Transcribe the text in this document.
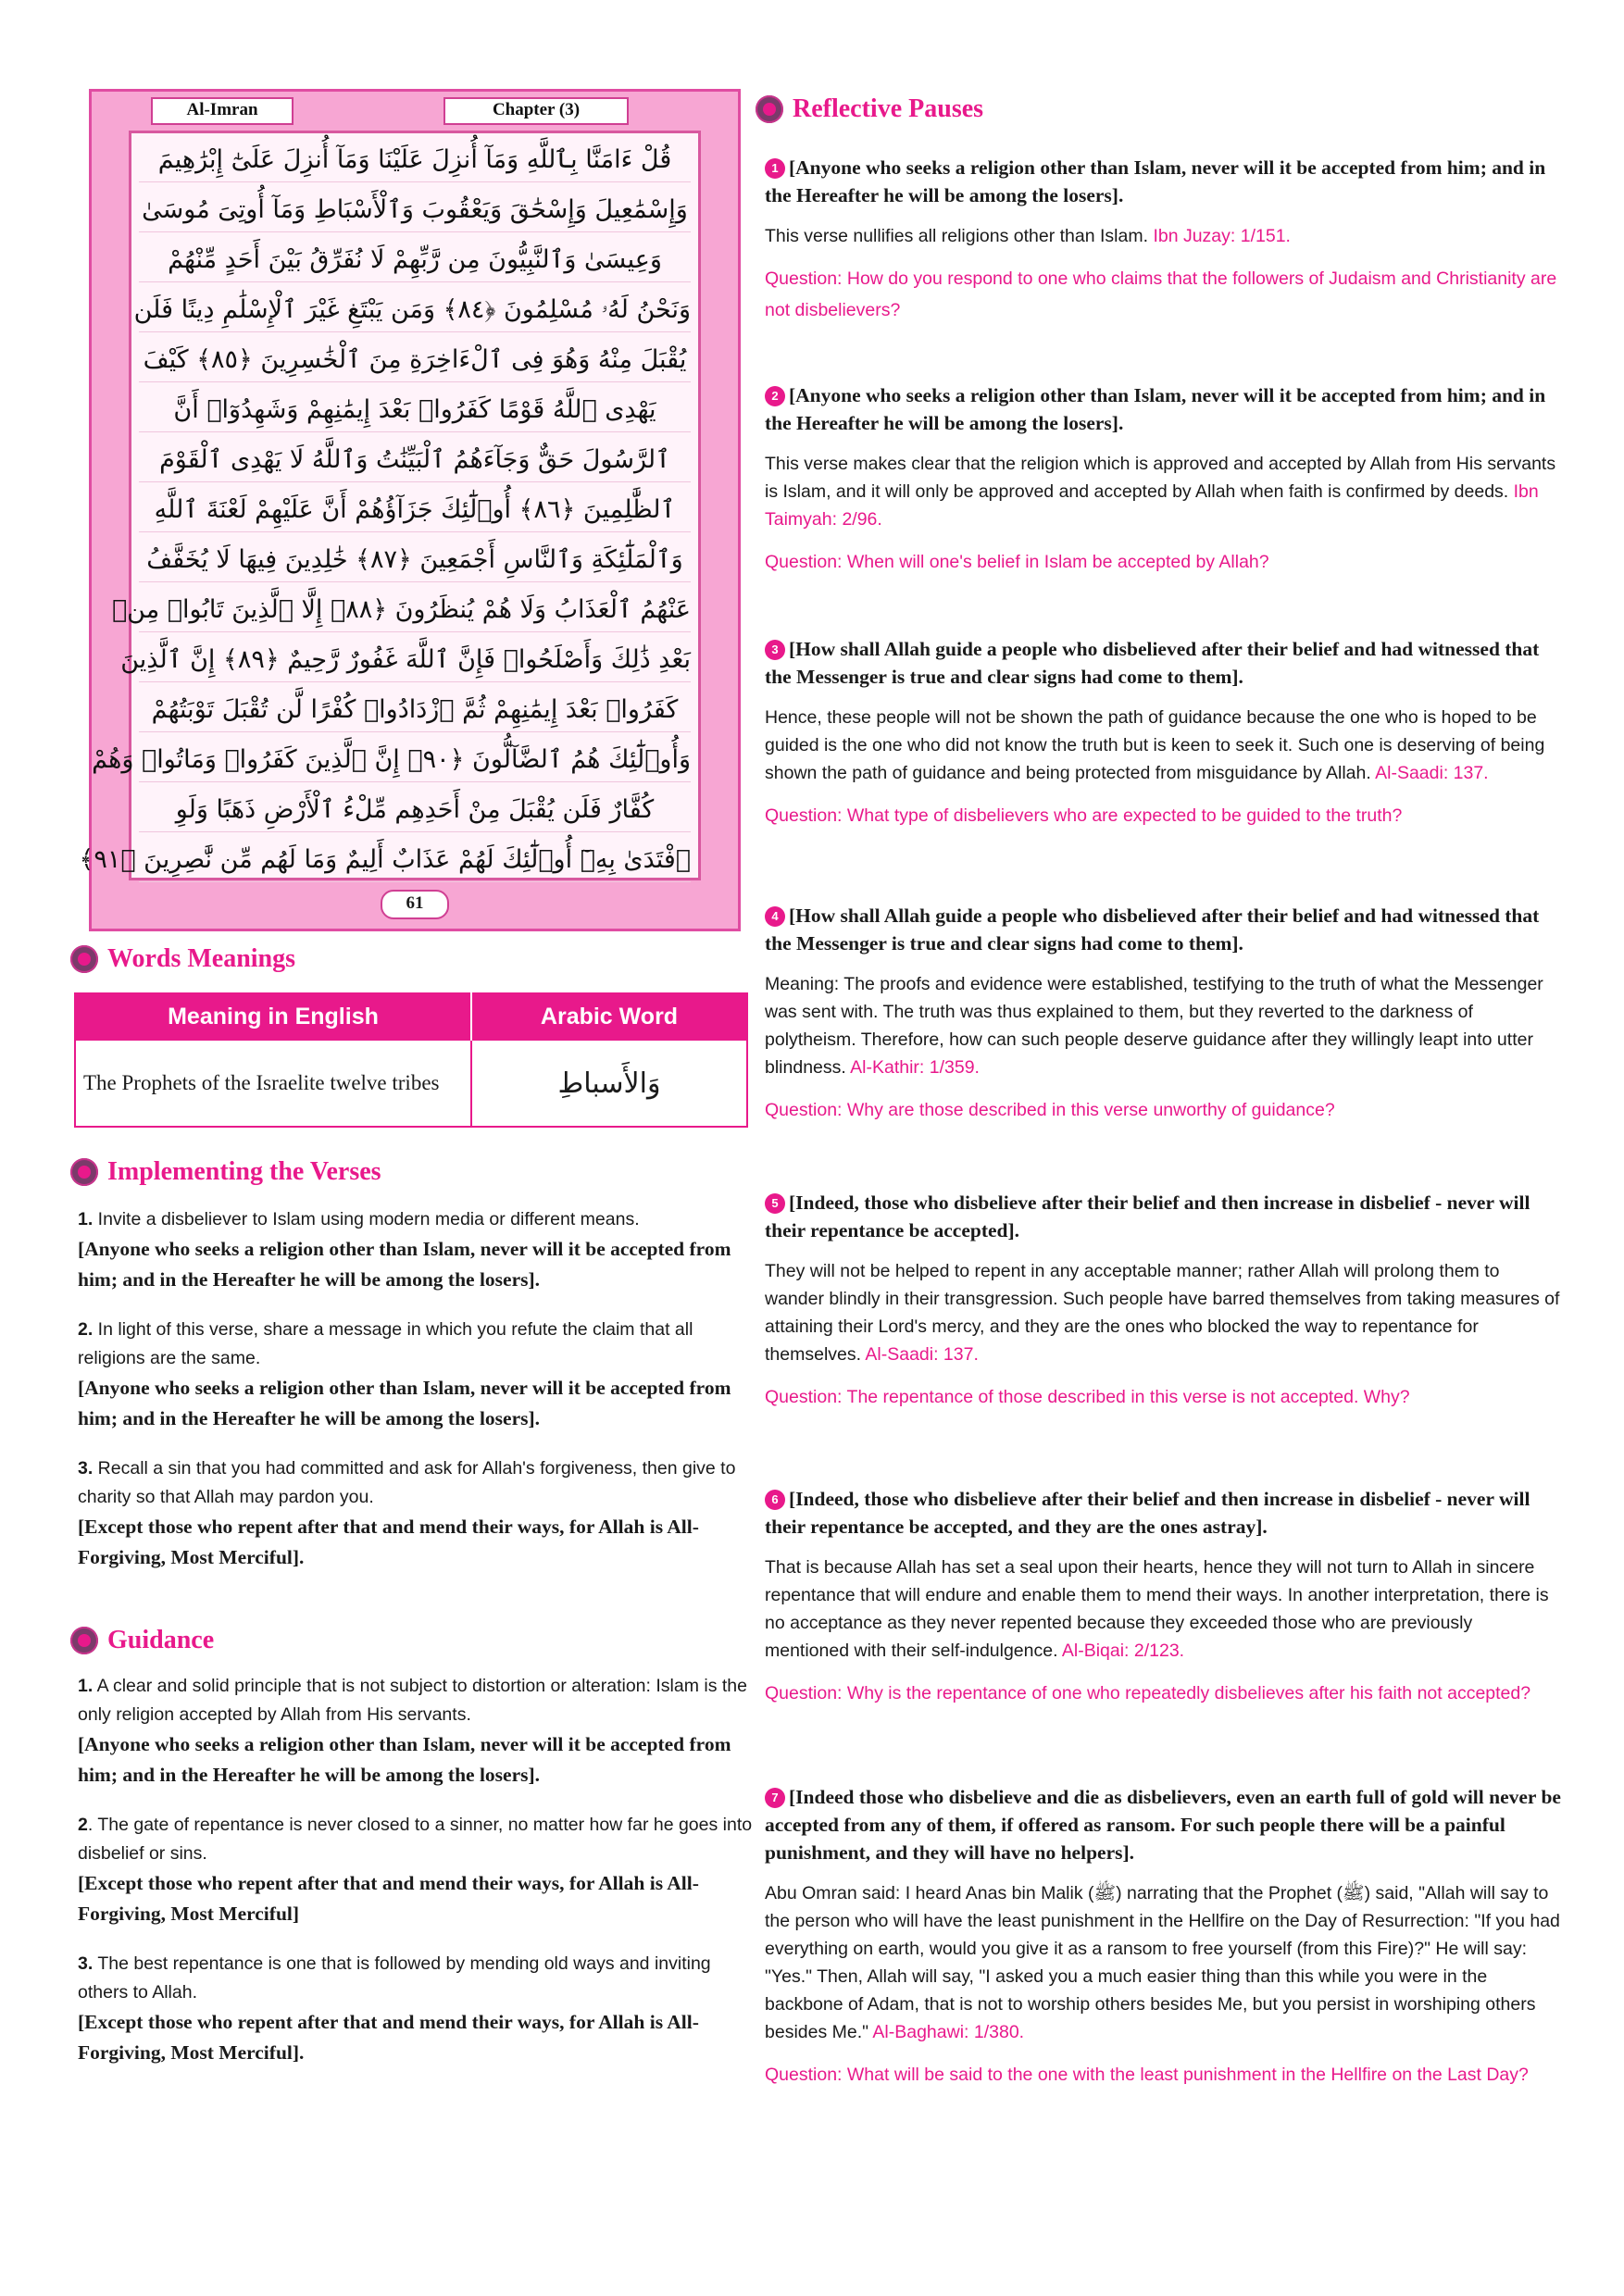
Al-Imran	Chapter (3)
قُلْ ءَامَنَّا بِٱللَّهِ وَمَآ أُنزِلَ عَلَيْنَا وَمَآ أُنزِلَ عَلَىٰٓ إِبْرَٰهِيمَ
وَإِسْمَٰعِيلَ وَإِسْحَٰقَ وَيَعْقُوبَ وَٱلْأَسْبَاطِ وَمَآ أُوتِىَ مُوسَىٰ
وَعِيسَىٰ وَٱلنَّبِيُّونَ مِن رَّبِّهِمْ لَا نُفَرِّقُ بَيْنَ أَحَدٍ مِّنْهُمْ
وَنَحْنُ لَهُۥ مُسْلِمُونَ ﴿٨٤﴾ وَمَن يَبْتَغِ غَيْرَ ٱلْإِسْلَٰمِ دِينًا فَلَن
يُقْبَلَ مِنْهُ وَهُوَ فِى ٱلْءَاخِرَةِ مِنَ ٱلْخَٰسِرِينَ ﴿٨٥﴾ كَيْفَ
يَهْدِى ٱللَّهُ قَوْمًا كَفَرُوا۟ بَعْدَ إِيمَٰنِهِمْ وَشَهِدُوٓا۟ أَنَّ
ٱلرَّسُولَ حَقٌّ وَجَآءَهُمُ ٱلْبَيِّنَٰتُ وَٱللَّهُ لَا يَهْدِى ٱلْقَوْمَ
ٱلظَّٰلِمِينَ ﴿٨٦﴾ أُو۟لَٰٓئِكَ جَزَآؤُهُمْ أَنَّ عَلَيْهِمْ لَعْنَةَ ٱللَّهِ
وَٱلْمَلَٰٓئِكَةِ وَٱلنَّاسِ أَجْمَعِينَ ﴿٨٧﴾ خَٰلِدِينَ فِيهَا لَا يُخَفَّفُ
عَنْهُمُ ٱلْعَذَابُ وَلَا هُمْ يُنظَرُونَ ﴿٨٨﴾ إِلَّا ٱلَّذِينَ تَابُوا۟ مِنۢ
بَعْدِ ذَٰلِكَ وَأَصْلَحُوا۟ فَإِنَّ ٱللَّهَ غَفُورٌ رَّحِيمٌ ﴿٨٩﴾ إِنَّ ٱلَّذِينَ
كَفَرُوا۟ بَعْدَ إِيمَٰنِهِمْ ثُمَّ ٱزْدَادُوا۟ كُفْرًا لَّن تُقْبَلَ تَوْبَتُهُمْ
وَأُو۟لَٰٓئِكَ هُمُ ٱلضَّآلُّونَ ﴿٩٠﴾ إِنَّ ٱلَّذِينَ كَفَرُوا۟ وَمَاتُوا۟ وَهُمْ
كُفَّارٌ فَلَن يُقْبَلَ مِنْ أَحَدِهِم مِّلْءُ ٱلْأَرْضِ ذَهَبًا وَلَوِ
ٱفْتَدَىٰ بِهِۦٓ أُو۟لَٰٓئِكَ لَهُمْ عَذَابٌ أَلِيمٌ وَمَا لَهُم مِّن نَّٰصِرِينَ ﴿٩١﴾
61
Words Meanings
Meaning in English	Arabic Word
The Prophets of the Israelite twelve tribes	وَالأَسباطِ
Implementing the Verses
1. Invite a disbeliever to Islam using modern media or different means.
[Anyone who seeks a religion other than Islam, never will it be accepted from him; and in the Hereafter he will be among the losers].
2. In light of this verse, share a message in which you refute the claim that all religions are the same.
[Anyone who seeks a religion other than Islam, never will it be accepted from him; and in the Hereafter he will be among the losers].
3. Recall a sin that you had committed and ask for Allah's forgiveness, then give to charity so that Allah may pardon you.
[Except those who repent after that and mend their ways, for Allah is All-Forgiving, Most Merciful].
Guidance
1. A clear and solid principle that is not subject to distortion or alteration: Islam is the only religion accepted by Allah from His servants.
[Anyone who seeks a religion other than Islam, never will it be accepted from him; and in the Hereafter he will be among the losers].
2. The gate of repentance is never closed to a sinner, no matter how far he goes into disbelief or sins.
[Except those who repent after that and mend their ways, for Allah is All-Forgiving, Most Merciful]
3. The best repentance is one that is followed by mending old ways and inviting others to Allah.
[Except those who repent after that and mend their ways, for Allah is All-Forgiving, Most Merciful].
Reflective Pauses
1 [Anyone who seeks a religion other than Islam, never will it be accepted from him; and in the Hereafter he will be among the losers].
This verse nullifies all religions other than Islam. Ibn Juzay: 1/151.
Question: How do you respond to one who claims that the followers of Judaism and Christianity are not disbelievers?
2 [Anyone who seeks a religion other than Islam, never will it be accepted from him; and in the Hereafter he will be among the losers].
This verse makes clear that the religion which is approved and accepted by Allah from His servants is Islam, and it will only be approved and accepted by Allah when faith is confirmed by deeds. Ibn Taimyah: 2/96.
Question: When will one's belief in Islam be accepted by Allah?
3 [How shall Allah guide a people who disbelieved after their belief and had witnessed that the Messenger is true and clear signs had come to them].
Hence, these people will not be shown the path of guidance because the one who is hoped to be guided is the one who did not know the truth but is keen to seek it. Such one is deserving of being shown the path of guidance and being protected from misguidance by Allah. Al-Saadi: 137.
Question: What type of disbelievers who are expected to be guided to the truth?
4 [How shall Allah guide a people who disbelieved after their belief and had witnessed that the Messenger is true and clear signs had come to them].
Meaning: The proofs and evidence were established, testifying to the truth of what the Messenger was sent with. The truth was thus explained to them, but they reverted to the darkness of polytheism. Therefore, how can such people deserve guidance after they willingly leapt into utter blindness. Al-Kathir: 1/359.
Question: Why are those described in this verse unworthy of guidance?
5 [Indeed, those who disbelieve after their belief and then increase in disbelief - never will their repentance be accepted].
They will not be helped to repent in any acceptable manner; rather Allah will prolong them to wander blindly in their transgression. Such people have barred themselves from taking measures of attaining their Lord's mercy, and they are the ones who blocked the way to repentance for themselves. Al-Saadi: 137.
Question: The repentance of those described in this verse is not accepted. Why?
6 [Indeed, those who disbelieve after their belief and then increase in disbelief - never will their repentance be accepted, and they are the ones astray].
That is because Allah has set a seal upon their hearts, hence they will not turn to Allah in sincere repentance that will endure and enable them to mend their ways. In another interpretation, there is no acceptance as they never repented because they exceeded those who are previously mentioned with their self-indulgence. Al-Biqai: 2/123.
Question: Why is the repentance of one who repeatedly disbelieves after his faith not accepted?
7 [Indeed those who disbelieve and die as disbelievers, even an earth full of gold will never be accepted from any of them, if offered as ransom. For such people there will be a painful punishment, and they will have no helpers].
Abu Omran said: I heard Anas bin Malik (ﷺ) narrating that the Prophet (ﷺ) said, "Allah will say to the person who will have the least punishment in the Hellfire on the Day of Resurrection: "If you had everything on earth, would you give it as a ransom to free yourself (from this Fire)?" He will say: "Yes." Then, Allah will say, "I asked you a much easier thing than this while you were in the backbone of Adam, that is not to worship others besides Me, but you persist in worshiping others besides Me." Al-Baghawi: 1/380.
Question: What will be said to the one with the least punishment in the Hellfire on the Last Day?
